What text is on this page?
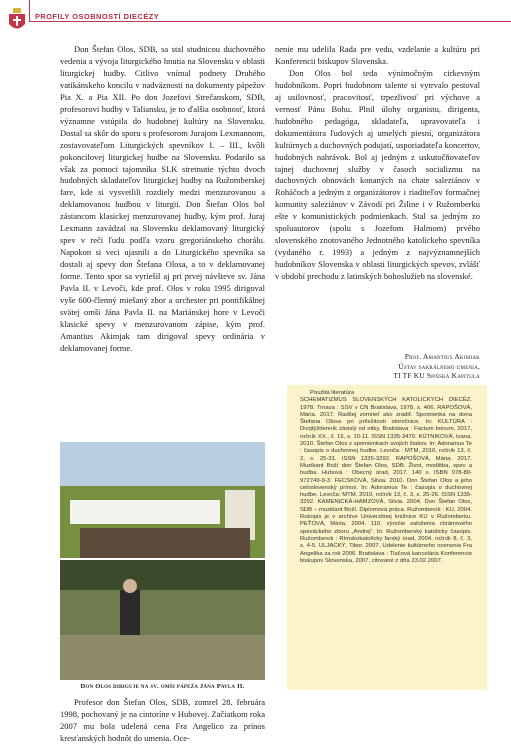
PROFILY OSOBNOSTÍ DIECÉZY

Don Štefan Olos, SDB, sa stal studnicou duchovného vedenia a vývoja liturgického hnutia na Slovensku v oblasti liturgickej hudby. Citlivo vnímal podnety Druhého vatikánskeho koncilu v nadväznosti na dokumenty pápežov Pia X. a Pia XII. Po don Jozefovi Strečanskom, SDB, profesorovi hudby v Taliansku, je to ďalšia osobnosť, ktorá významne vstúpila do hudobnej kultúry na Slovensku. Dostal sa skôr do sporu s profesorom Jurajom Lexmannom, zostavovateľom Liturgických spevníkov I. – III., kvôli pokoncilovej liturgickej hudbe na Slovensku. Podarilo sa však za pomoci tajomníka SLK stretnutie týchto dvoch hudobných skladateľov liturgickej hudby na Ružomberskej fare, kde si vysvetlili rozdiely medzi menzurovanou a deklamovanou hudbou v liturgii. Don Štefan Olos bol zástancom klasickej menzurovanej hudby, kým prof. Juraj Lexmann zavádzal na Slovensku deklamovaný liturgický spev v reči ľudu podľa vzoru gregoriánskeho chorálu. Napokon si veci ujasnili a do Liturgického spevníka sa dostali aj spevy don Štefana Olosa, a to v deklamovanej forme. Tento spor sa vyriešil aj pri prvej návšteve sv. Jána Pavla II. v Levoči, kde prof. Olos v roku 1995 dirigoval vyše 600-členný miešaný zbor a orchester pri pontifikálnej svätej omši Jána Pavla II. na Mariánskej hore v Levoči klasické spevy v menzurovanom zápise, kým prof. Amantius Akimjak tam dirigoval spevy ordinária v deklamovanej forme.

Don Olos diriguje na sv. omši pápeža Jána Pavla II.

Profesor don Štefan Olos, SDB, zomrel 28. februára 1998, pochovaný je na cintoríne v Hubovej. Začiatkom roka 2007 mu bola udelená cena Fra Angelico za prínos kresťanských hodnôt do umenia. Oce-

nenie mu udelila Rada pre vedu, vzdelanie a kultúru pri Konferencii biskupov Slovenska.

Don Olos bol teda výnimočným cirkevným hudobníkom. Popri hudobnom talente si vytrvalo pestoval aj usilovnosť, pracovitosť, trpezlivosť pri výchove a vernosť Pánu Bohu. Plnil úlohy organistu, dirigenta, hudobného pedagóga, skladateľa, upravovateľa i dokumentátora ľudových aj umelých piesní, organizátora kultúrnych a duchovných podujatí, usporiadateľa koncertov, hudobných nahrávok. Bol aj jedným z uskutočňovateľov tajnej duchovnej služby v časoch socializmu na duchovných obnovách konaných na chate saleziánov v Roháčoch a jedným z organizátorov i riaditeľov formačnej komunity saleziánov v Závodí pri Žiline i v Ružomberku ešte v komunistických podmienkach. Stal sa jedným zo spoluautorov (spolu s Jozefom Halmom) prvého slovenského znotovaného Jednotného katolíckeho spevníka (vydaného r. 1993) a jedným z najvýznamnejších hudobníkov Slovenska v oblasti liturgických spevov, zvlášť v období prechodu z latinských bohoslužieb na slovenské.

Prof. Amantius Akimjak
Ústav sakrálneho umenia,
TI TF KU Spišská Kapitula

Použitá literatúra

SCHEMATIZMUS SLOVENSKÝCH KATOLÍCKYCH DIECÉZ. 1978. Trnava : SSV v CN Bratislava, 1978, s. 406. RAPOŠOVÁ, Mária. 2017. Radšej zomrieť ako zradiť. Spomienka na dona Štefana Olosa pri príležitosti storočnice. In: KULTÚRA : Dvojtýždenník závislý od etiky. Bratislava : Factum bonum, 2017, ročník XX., č. 16, s. 10-11. ISSN 1335-3470. KÚTNIKOVÁ, Ivana. 2010. Štefan Olos v spomienkach svojich žiakov. In: Adoramus Te : časopis o duchovnej hudbe. Levoča : MTM, 2010, ročník 13, č. 2, s. 25-31. ISSN 1335-3292. RAPOŠOVÁ, Mária. 2017. Muzikant Boží don Štefan Olos, SDB. Život, modlitba, spev a hudba. Hubová : Obecný úrad, 2017. 140 s. ISBN 978-80-972749-9-3. FECSKOVÁ, Silvia. 2010. Don Štefan Olos a jeho celoslovenský prínos. In: Adoramus Te : časopis o duchovnej hudbe. Levoča: MTM, 2010, ročník 13, č. 3, s. 25-26. ISSN 1335-3292. KAMENICKÁ-HAMZOVÁ, Silvia. 2004. Don Štefan Olos, SDB – muzikant Boží. Diplomová práca. Ružomberok : KU, 2004. Rukopis je v archíve Univerzitnej knižnice KU v Ružomberku. PEŤOVÁ, Mária. 2004. 110. výročie založenia chrámového speváckeho zboru „Andrej“. In: Ružomberský katolícky časopis. Ružomberok : Rímskokatolícky farský úrad, 2004, ročník 8, č. 3, s. 4-5. ULJACKÝ, Tibor. 2007. Udelenie kultúrneho ocenenia Fra Angelika za rok 2006. Bratislava : Tlačová kancelária Konferencie biskupov Slovenska, 2007, citované z dňa 23.02.2007.
